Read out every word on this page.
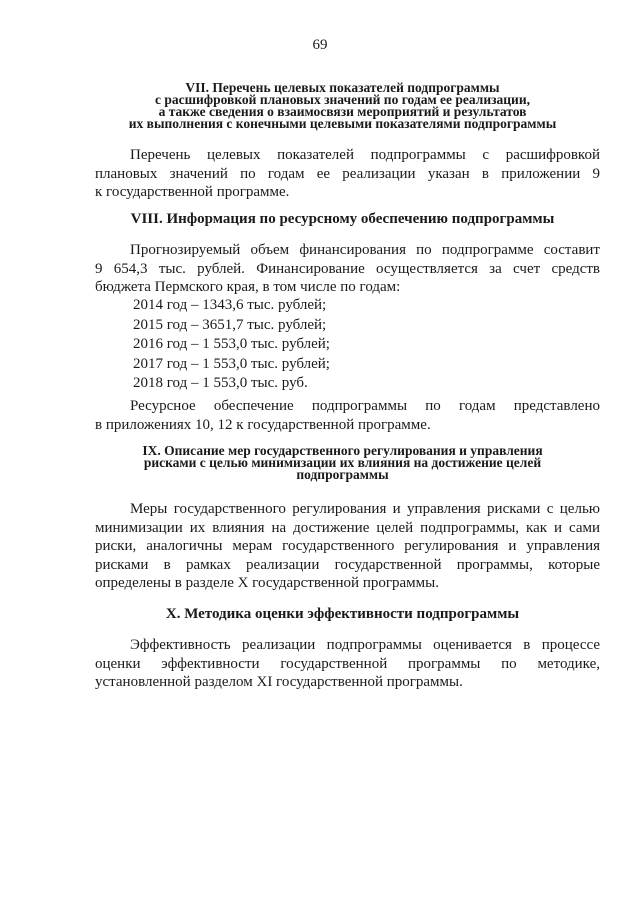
69
VII. Перечень целевых показателей подпрограммы
с расшифровкой плановых значений по годам ее реализации,
а также сведения о взаимосвязи мероприятий и результатов
их выполнения с конечными целевыми показателями подпрограммы
Перечень целевых показателей подпрограммы с расшифровкой
плановых значений по годам ее реализации указан в приложении 9
к государственной программе.
VIII. Информация по ресурсному обеспечению подпрограммы
Прогнозируемый объем финансирования по подпрограмме составит
9 654,3 тыс. рублей. Финансирование осуществляется за счет средств
бюджета Пермского края, в том числе по годам:
2014 год – 1343,6 тыс. рублей;
2015 год – 3651,7 тыс. рублей;
2016 год – 1 553,0 тыс. рублей;
2017 год – 1 553,0 тыс. рублей;
2018 год – 1 553,0 тыс. руб.
Ресурсное обеспечение подпрограммы по годам представлено
в приложениях 10, 12 к государственной программе.
IX. Описание мер государственного регулирования и управления
рисками с целью минимизации их влияния на достижение целей
подпрограммы
Меры государственного регулирования и управления рисками с целью
минимизации их влияния на достижение целей подпрограммы, как и сами
риски, аналогичны мерам государственного регулирования и управления
рисками в рамках реализации государственной программы, которые
определены в разделе X государственной программы.
X. Методика оценки эффективности подпрограммы
Эффективность реализации подпрограммы оценивается в процессе
оценки эффективности государственной программы по методике,
установленной разделом XI государственной программы.
